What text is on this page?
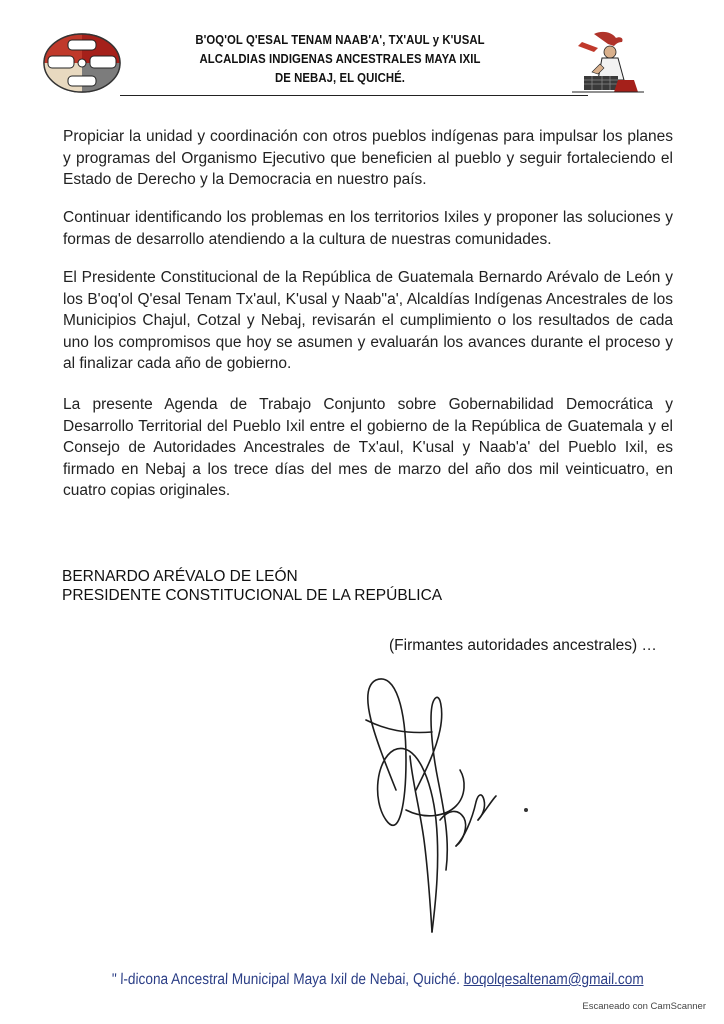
B'OQ'OL Q'ESAL TENAM NAAB'A', TX'AUL y K'USAL
ALCALDIAS INDIGENAS ANCESTRALES MAYA IXIL
DE NEBAJ, EL QUICHÉ.
Propiciar la unidad y coordinación con otros pueblos indígenas para impulsar los planes y programas del Organismo Ejecutivo que beneficien al pueblo y seguir fortaleciendo el Estado de Derecho y la Democracia en nuestro país.
Continuar identificando los problemas en los territorios Ixiles y proponer las soluciones y formas de desarrollo atendiendo a la cultura de nuestras comunidades.
El Presidente Constitucional de la República de Guatemala Bernardo Arévalo de León y los B'oq'ol Q'esal Tenam Tx'aul, K'usal y Naab''a', Alcaldías Indígenas Ancestrales de los Municipios Chajul, Cotzal y Nebaj, revisarán el cumplimiento o los resultados de cada uno los compromisos que hoy se asumen y evaluarán los avances durante el proceso y al finalizar cada año de gobierno.
La presente Agenda de Trabajo Conjunto sobre Gobernabilidad Democrática y Desarrollo Territorial del Pueblo Ixil entre el gobierno de la República de Guatemala y el Consejo de Autoridades Ancestrales de Tx'aul, K'usal y Naab'a' del Pueblo Ixil, es firmado en Nebaj a los trece días del mes de marzo del año dos mil veinticuatro, en cuatro copias originales.
BERNARDO ARÉVALO DE LEÓN
PRESIDENTE CONSTITUCIONAL DE LA REPÚBLICA
(Firmantes autoridades ancestrales) …
" l-dicona Ancestral Municipal Maya Ixil de Nebai, Quiché. boqolqesaltenam@gmail.com
Escaneado con CamScanner
